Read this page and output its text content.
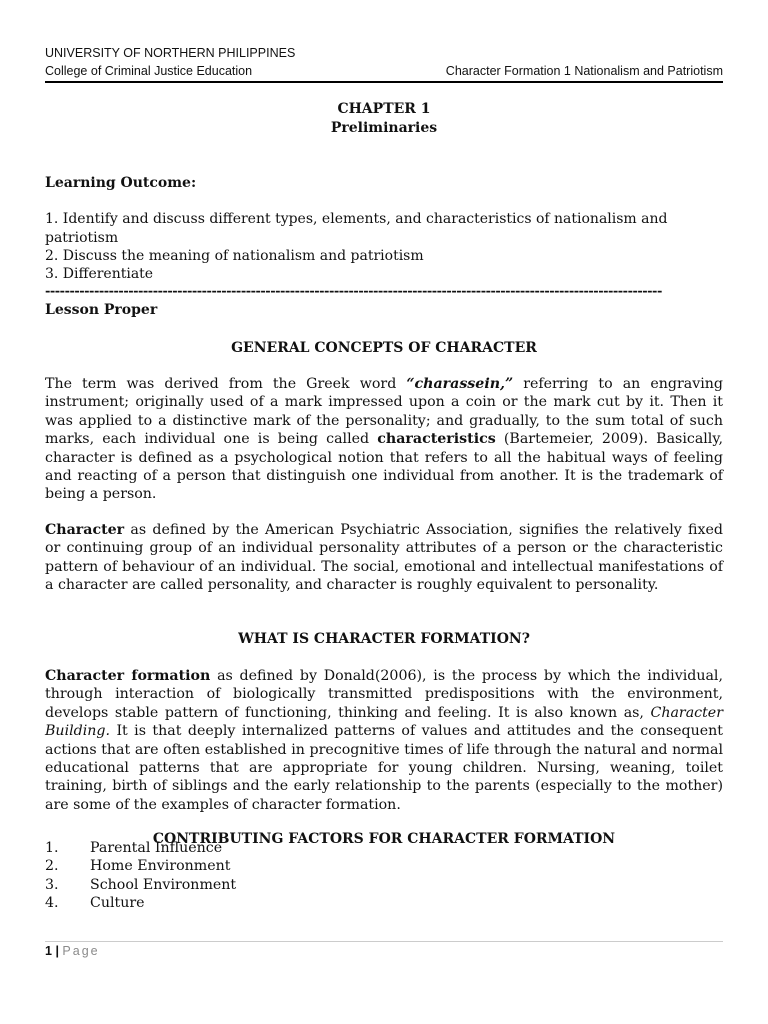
UNIVERSITY OF NORTHERN PHILIPPINES
College of Criminal Justice Education	Character Formation 1 Nationalism and Patriotism
CHAPTER 1
Preliminaries
Learning Outcome:
1. Identify and discuss different types, elements, and characteristics of nationalism and
patriotism
2. Discuss the meaning of nationalism and patriotism
3. Differentiate
------------------------------------------------------------------------------------------------------------------------------
Lesson Proper
GENERAL CONCEPTS OF CHARACTER

The term was derived from the Greek word “charassein,” referring to an engraving instrument; originally used of a mark impressed upon a coin or the mark cut by it. Then it was applied to a distinctive mark of the personality; and gradually, to the sum total of such marks, each individual one is being called characteristics (Bartemeier, 2009). Basically, character is defined as a psychological notion that refers to all the habitual ways of feeling and reacting of a person that distinguish one individual from another. It is the trademark of being a person.

Character as defined by the American Psychiatric Association, signifies the relatively fixed or continuing group of an individual personality attributes of a person or the characteristic pattern of behaviour of an individual. The social, emotional and intellectual manifestations of a character are called personality, and character is roughly equivalent to personality.

WHAT IS CHARACTER FORMATION?

Character formation as defined by Donald(2006), is the process by which the individual, through interaction of biologically transmitted predispositions with the environment, develops stable pattern of functioning, thinking and feeling. It is also known as, Character Building. It is that deeply internalized patterns of values and attitudes and the consequent actions that are often established in precognitive times of life through the natural and normal educational patterns that are appropriate for young children. Nursing, weaning, toilet training, birth of siblings and the early relationship to the parents (especially to the mother) are some of the examples of character formation.

CONTRIBUTING FACTORS FOR CHARACTER FORMATION
1. Parental Influence
2. Home Environment
3. School Environment
4. Culture
1 | Page
